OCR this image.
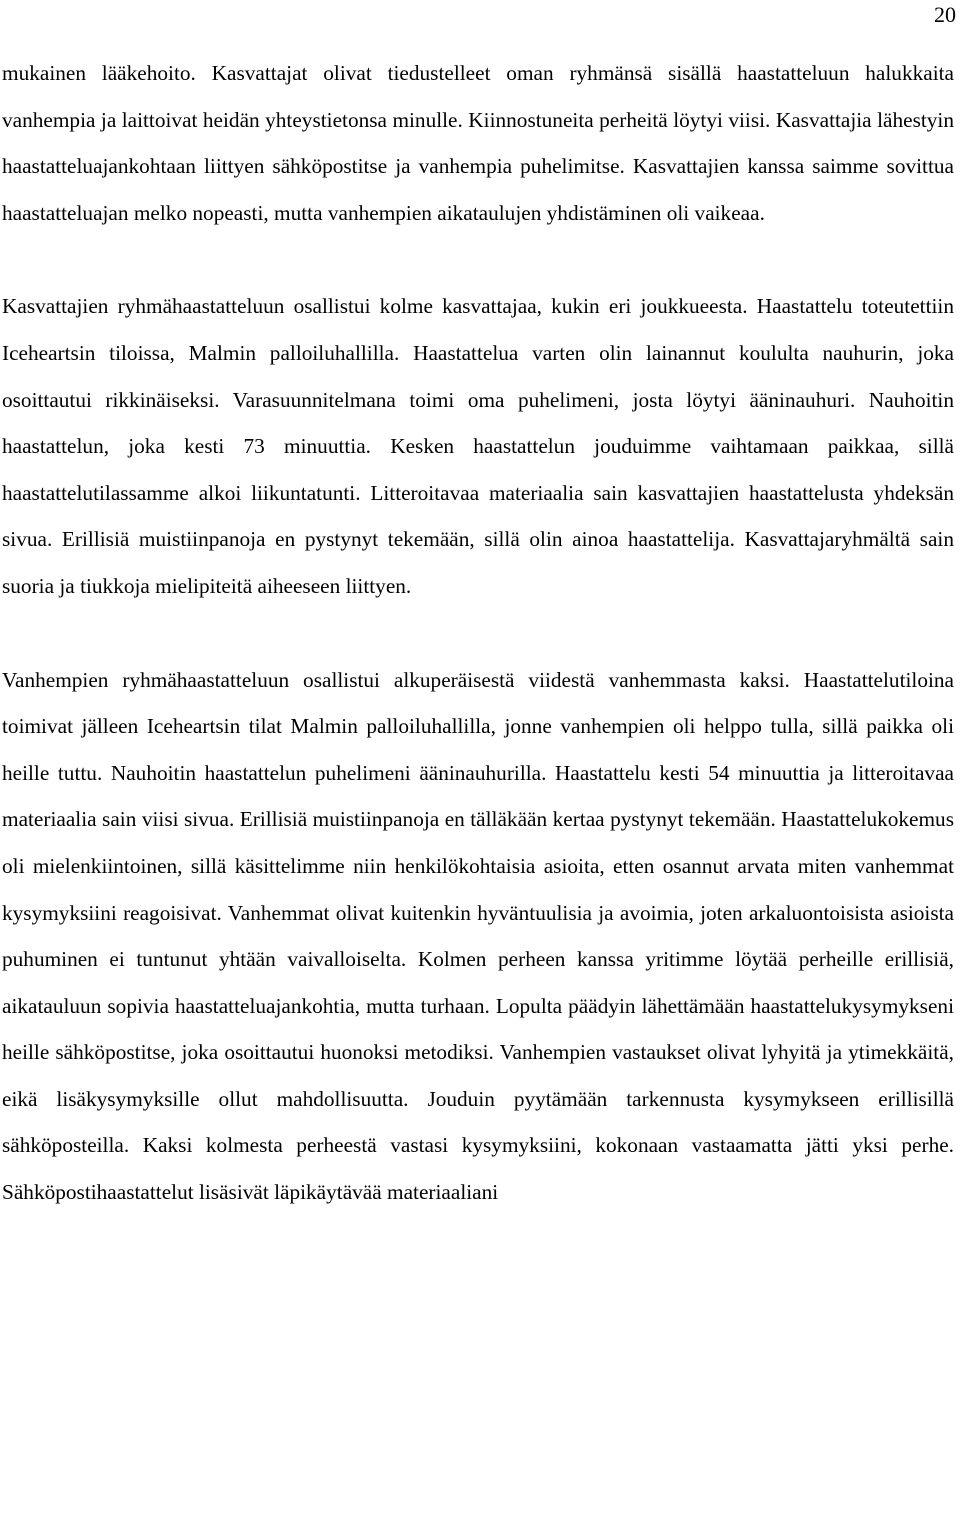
20

mukainen lääkehoito. Kasvattajat olivat tiedustelleet oman ryhmänsä sisällä haastatteluun halukkaita vanhempia ja laittoivat heidän yhteystietonsa minulle. Kiinnostuneita perheitä löytyi viisi. Kasvattajia lähestyin haastatteluajankohtaan liittyen sähköpostitse ja vanhempia puhelimitse. Kasvattajien kanssa saimme sovittua haastatteluajan melko nopeasti, mutta vanhempien aikataulujen yhdistäminen oli vaikeaa.

Kasvattajien ryhmähaastatteluun osallistui kolme kasvattajaa, kukin eri joukkueesta. Haastattelu toteutettiin Iceheartsin tiloissa, Malmin palloiluhallilla. Haastattelua varten olin lainannut koululta nauhurin, joka osoittautui rikkinäiseksi. Varasuunnitelmana toimi oma puhelimeni, josta löytyi ääninauhuri. Nauhoitin haastattelun, joka kesti 73 minuuttia. Kesken haastattelun jouduimme vaihtamaan paikkaa, sillä haastattelutilassamme alkoi liikuntatunti. Litteroitavaa materiaalia sain kasvattajien haastattelusta yhdeksän sivua. Erillisiä muistiinpanoja en pystynyt tekemään, sillä olin ainoa haastattelija. Kasvattajaryhmältä sain suoria ja tiukkoja mielipiteitä aiheeseen liittyen.

Vanhempien ryhmähaastatteluun osallistui alkuperäisestä viidestä vanhemmasta kaksi. Haastattelutiloina toimivat jälleen Iceheartsin tilat Malmin palloiluhallilla, jonne vanhempien oli helppo tulla, sillä paikka oli heille tuttu. Nauhoitin haastattelun puhelimeni ääninauhurilla. Haastattelu kesti 54 minuuttia ja litteroitavaa materiaalia sain viisi sivua. Erillisiä muistiinpanoja en tälläkään kertaa pystynyt tekemään. Haastattelukokemus oli mielenkiintoinen, sillä käsittelimme niin henkilökohtaisia asioita, etten osannut arvata miten vanhemmat kysymyksiini reagoisivat. Vanhemmat olivat kuitenkin hyväntuulisia ja avoimia, joten arkaluontoisista asioista puhuminen ei tuntunut yhtään vaivalloiselta. Kolmen perheen kanssa yritimme löytää perheille erillisiä, aikatauluun sopivia haastatteluajankohtia, mutta turhaan. Lopulta päädyin lähettämään haastattelukysymykseni heille sähköpostitse, joka osoittautui huonoksi metodiksi. Vanhempien vastaukset olivat lyhyitä ja ytimekkäitä, eikä lisäkysymyksille ollut mahdollisuutta. Jouduin pyytämään tarkennusta kysymykseen erillisillä sähköposteilla. Kaksi kolmesta perheestä vastasi kysymyksiini, kokonaan vastaamatta jätti yksi perhe. Sähköpostihaastattelut lisäsivät läpikäytävää materiaaliani
